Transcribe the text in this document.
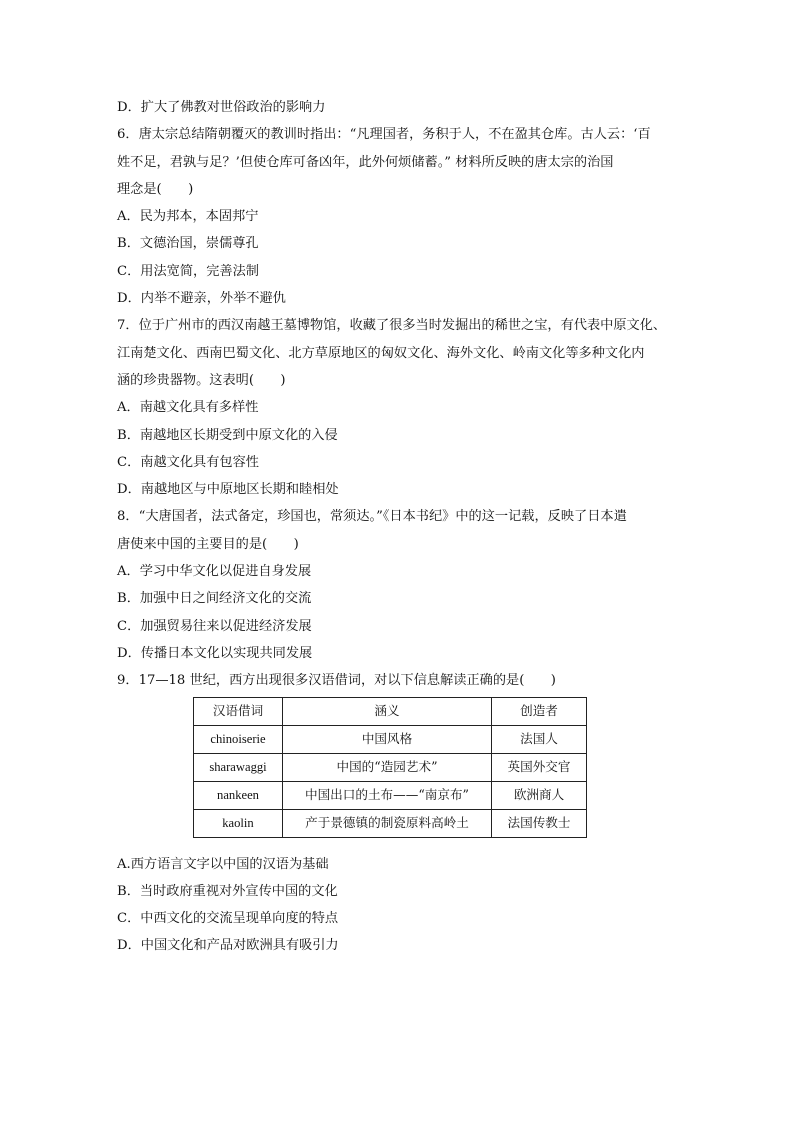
D．扩大了佛教对世俗政治的影响力
6．唐太宗总结隋朝覆灭的教训时指出：“凡理国者，务积于人，不在盈其仓库。古人云：‘百
姓不足，君孰与足？’但使仓库可备凶年，此外何烦储蓄。” 材料所反映的唐太宗的治国
理念是(　　)
A．民为邦本，本固邦宁
B．文德治国，崇儒尊孔
C．用法宽简，完善法制
D．内举不避亲，外举不避仇
7．位于广州市的西汉南越王墓博物馆，收藏了很多当时发掘出的稀世之宝，有代表中原文化、
江南楚文化、西南巴蜀文化、北方草原地区的匈奴文化、海外文化、岭南文化等多种文化内
涵的珍贵器物。这表明(　　)
A．南越文化具有多样性
B．南越地区长期受到中原文化的入侵
C．南越文化具有包容性
D．南越地区与中原地区长期和睦相处
8．“大唐国者，法式备定，珍国也，常须达。”《日本书纪》中的这一记载，反映了日本遣
唐使来中国的主要目的是(　　)
A．学习中华文化以促进自身发展
B．加强中日之间经济文化的交流
C．加强贸易往来以促进经济发展
D．传播日本文化以实现共同发展
9．17—18 世纪，西方出现很多汉语借词，对以下信息解读正确的是(　　)
汉语借词	涵义	创造者
chinoiserie	中国风格	法国人
sharawaggi	中国的“造园艺术”	英国外交官
nankeen	中国出口的土布——“南京布”	欧洲商人
kaolin	产于景德镇的制瓷原料高岭土	法国传教士
A.西方语言文字以中国的汉语为基础
B．当时政府重视对外宣传中国的文化
C．中西文化的交流呈现单向度的特点
D．中国文化和产品对欧洲具有吸引力
